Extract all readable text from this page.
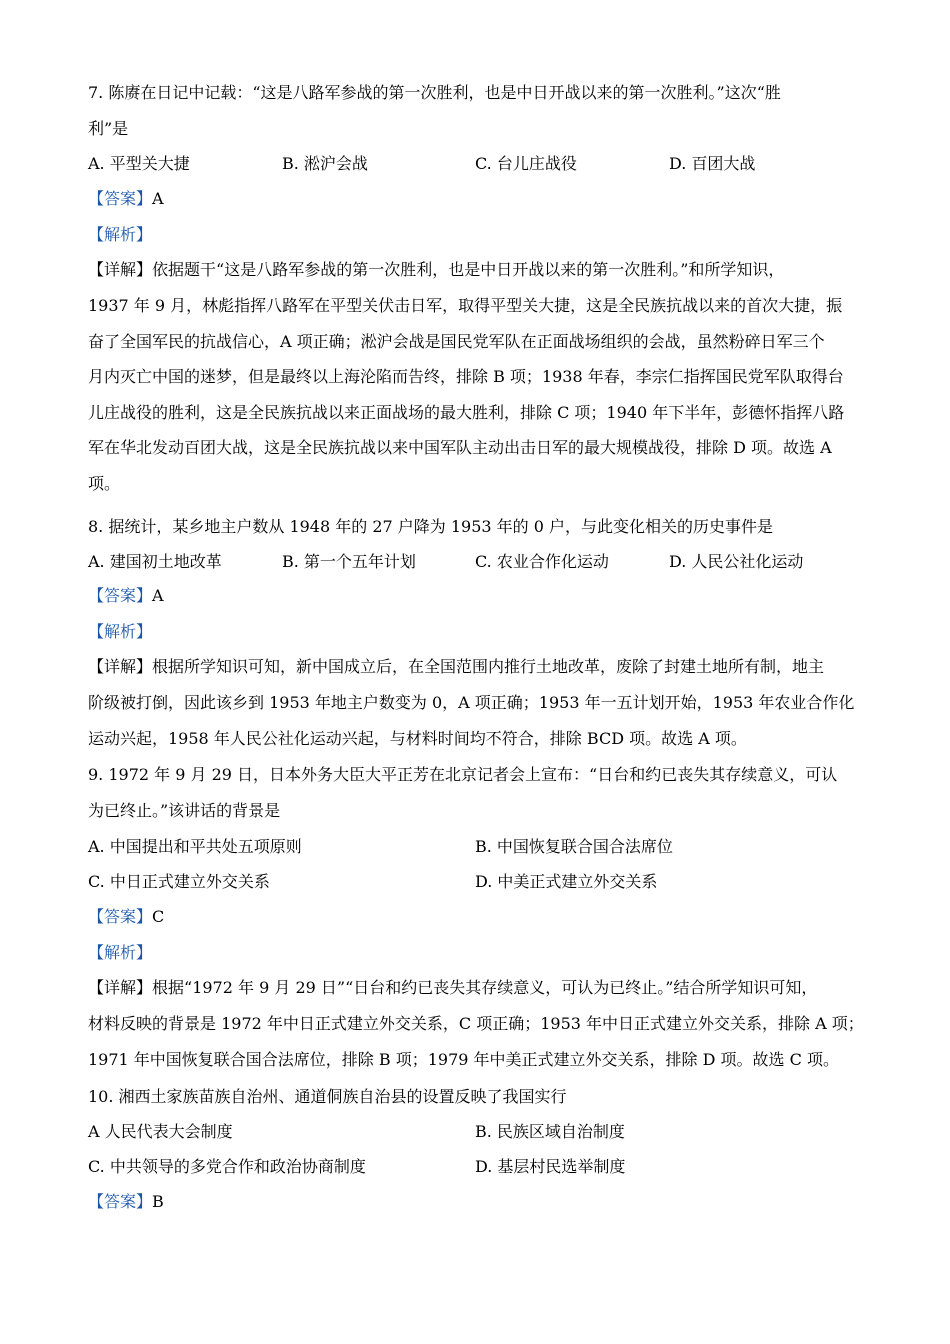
7. 陈赓在日记中记载：“这是八路军参战的第一次胜利，也是中日开战以来的第一次胜利。”这次“胜
利”是
A. 平型关大捷	B. 淞沪会战	C. 台儿庄战役	D. 百团大战
【答案】A
【解析】
【详解】依据题干“这是八路军参战的第一次胜利，也是中日开战以来的第一次胜利。”和所学知识，
1937 年 9 月，林彪指挥八路军在平型关伏击日军，取得平型关大捷，这是全民族抗战以来的首次大捷，振
奋了全国军民的抗战信心，A 项正确；淞沪会战是国民党军队在正面战场组织的会战，虽然粉碎日军三个
月内灭亡中国的迷梦，但是最终以上海沦陷而告终，排除 B 项；1938 年春，李宗仁指挥国民党军队取得台
儿庄战役的胜利，这是全民族抗战以来正面战场的最大胜利，排除 C 项；1940 年下半年，彭德怀指挥八路
军在华北发动百团大战，这是全民族抗战以来中国军队主动出击日军的最大规模战役，排除 D 项。故选 A
项。
8. 据统计，某乡地主户数从 1948 年的 27 户降为 1953 年的 0 户，与此变化相关的历史事件是
A. 建国初土地改革	B. 第一个五年计划	C. 农业合作化运动	D. 人民公社化运动
【答案】A
【解析】
【详解】根据所学知识可知，新中国成立后，在全国范围内推行土地改革，废除了封建土地所有制，地主
阶级被打倒，因此该乡到 1953 年地主户数变为 0，A 项正确；1953 年一五计划开始，1953 年农业合作化
运动兴起，1958 年人民公社化运动兴起，与材料时间均不符合，排除 BCD 项。故选 A 项。
9. 1972 年 9 月 29 日，日本外务大臣大平正芳在北京记者会上宣布：“日台和约已丧失其存续意义，可认
为已终止。”该讲话的背景是
A. 中国提出和平共处五项原则	B. 中国恢复联合国合法席位
C. 中日正式建立外交关系	D. 中美正式建立外交关系
【答案】C
【解析】
【详解】根据“1972 年 9 月 29 日”“日台和约已丧失其存续意义，可认为已终止。”结合所学知识可知，
材料反映的背景是 1972 年中日正式建立外交关系，C 项正确；1953 年中日正式建立外交关系，排除 A 项；
1971 年中国恢复联合国合法席位，排除 B 项；1979 年中美正式建立外交关系，排除 D 项。故选 C 项。
10. 湘西土家族苗族自治州、通道侗族自治县的设置反映了我国实行
A 人民代表大会制度	B. 民族区域自治制度
C. 中共领导的多党合作和政治协商制度	D. 基层村民选举制度
【答案】B
